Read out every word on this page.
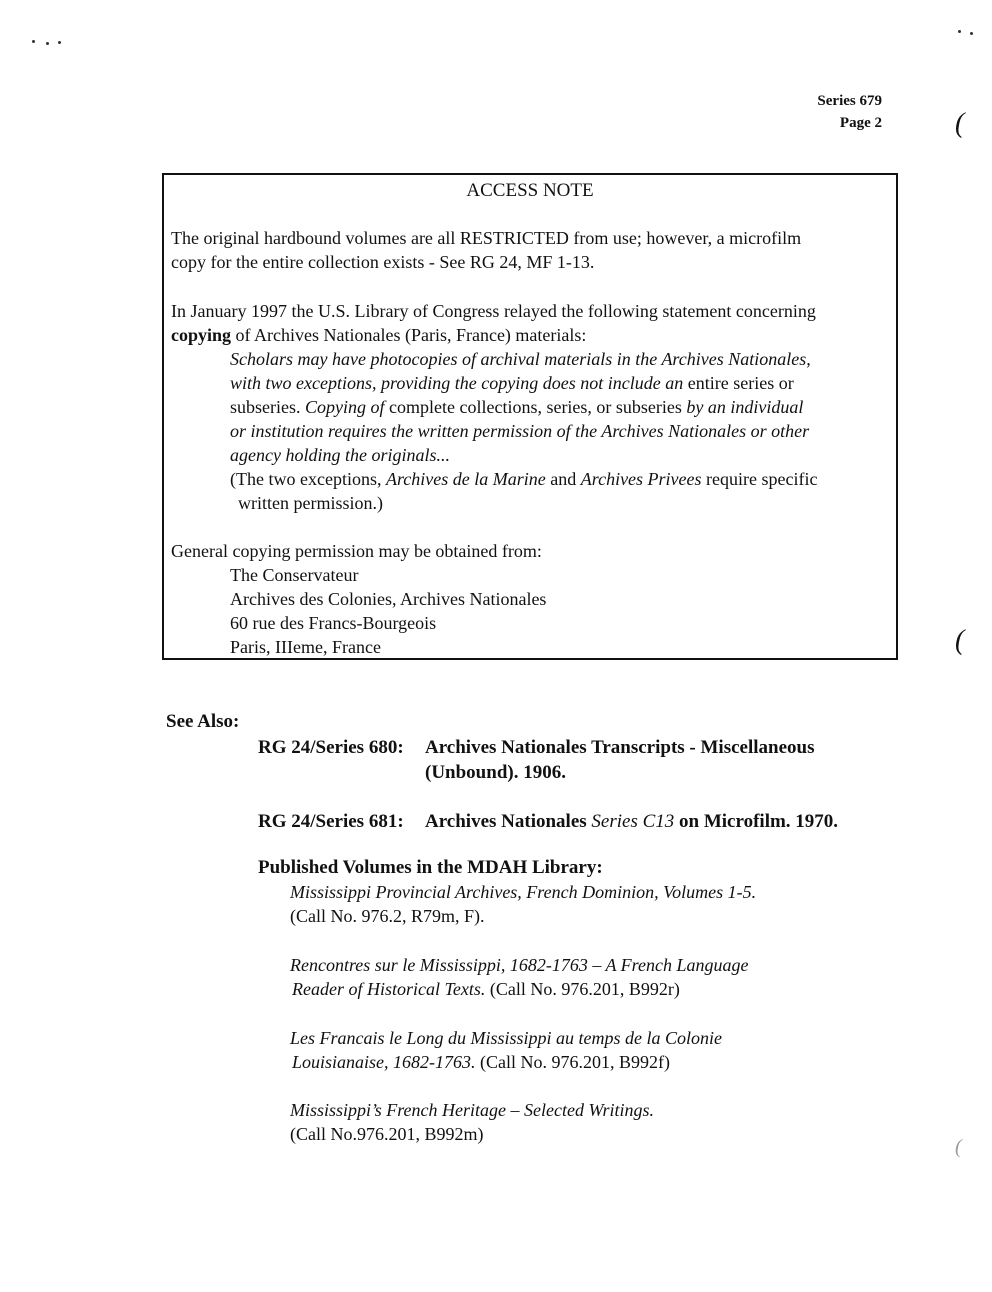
Series 679
Page 2
ACCESS NOTE
The original hardbound volumes are all RESTRICTED from use; however, a microfilm
copy for the entire collection exists - See RG 24, MF 1-13.
In January 1997 the U.S. Library of Congress relayed the following statement concerning
copying of Archives Nationales (Paris, France) materials:
Scholars may have photocopies of archival materials in the Archives Nationales,
with two exceptions, providing the copying does not include an entire series or
subseries. Copying of complete collections, series, or subseries by an individual
or institution requires the written permission of the Archives Nationales or other
agency holding the originals...
(The two exceptions, Archives de la Marine and Archives Privees require specific
written permission.)
General copying permission may be obtained from:
The Conservateur
Archives des Colonies, Archives Nationales
60 rue des Francs-Bourgeois
Paris, IIIeme, France
See Also:
RG 24/Series 680: Archives Nationales Transcripts - Miscellaneous
(Unbound). 1906.
RG 24/Series 681: Archives Nationales Series C13 on Microfilm. 1970.
Published Volumes in the MDAH Library:
Mississippi Provincial Archives, French Dominion, Volumes 1-5.
(Call No. 976.2, R79m, F).
Rencontres sur le Mississippi, 1682-1763 – A French Language
Reader of Historical Texts. (Call No. 976.201, B992r)
Les Francais le Long du Mississippi au temps de la Colonie
Louisianaise, 1682-1763. (Call No. 976.201, B992f)
Mississippi’s French Heritage – Selected Writings.
(Call No.976.201, B992m)
(
(
(
